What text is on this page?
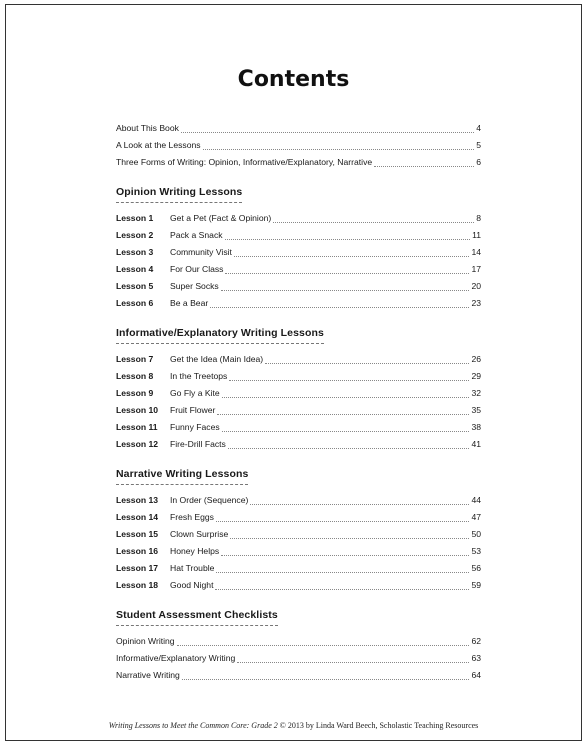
Contents
About This Book	4
A Look at the Lessons	5
Three Forms of Writing: Opinion, Informative/Explanatory, Narrative	6
Opinion Writing Lessons
Lesson 1	Get a Pet (Fact & Opinion)	8
Lesson 2	Pack a Snack	11
Lesson 3	Community Visit	14
Lesson 4	For Our Class	17
Lesson 5	Super Socks	20
Lesson 6	Be a Bear	23
Informative/Explanatory Writing Lessons
Lesson 7	Get the Idea (Main Idea)	26
Lesson 8	In the Treetops	29
Lesson 9	Go Fly a Kite	32
Lesson 10	Fruit Flower	35
Lesson 11	Funny Faces	38
Lesson 12	Fire-Drill Facts	41
Narrative Writing Lessons
Lesson 13	In Order (Sequence)	44
Lesson 14	Fresh Eggs	47
Lesson 15	Clown Surprise	50
Lesson 16	Honey Helps	53
Lesson 17	Hat Trouble	56
Lesson 18	Good Night	59
Student Assessment Checklists
Opinion Writing	62
Informative/Explanatory Writing	63
Narrative Writing	64
Writing Lessons to Meet the Common Core: Grade 2 © 2013 by Linda Ward Beech, Scholastic Teaching Resources
